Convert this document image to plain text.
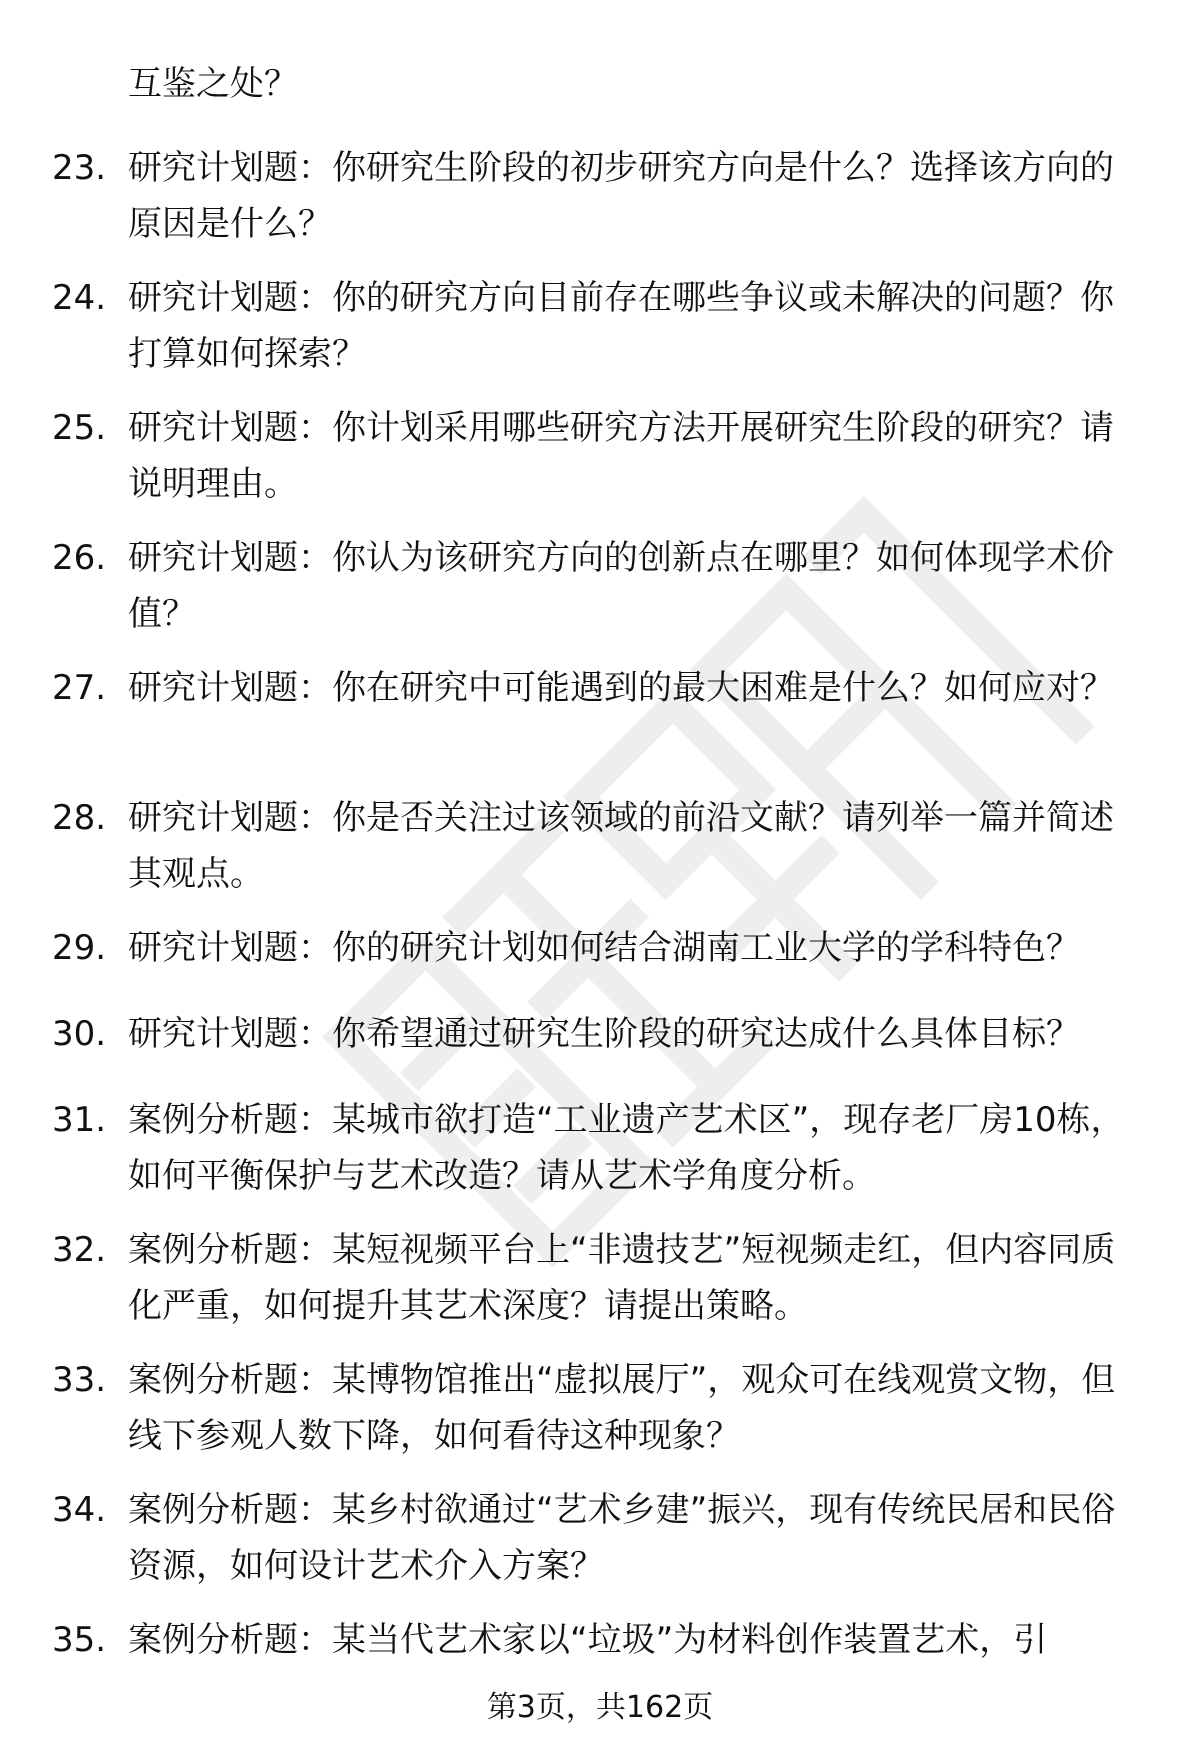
互鉴之处？

23. 研究计划题：你研究生阶段的初步研究方向是什么？选择该方向的原因是什么？
24. 研究计划题：你的研究方向目前存在哪些争议或未解决的问题？你打算如何探索？
25. 研究计划题：你计划采用哪些研究方法开展研究生阶段的研究？请说明理由。
26. 研究计划题：你认为该研究方向的创新点在哪里？如何体现学术价值？
27. 研究计划题：你在研究中可能遇到的最大困难是什么？如何应对？
28. 研究计划题：你是否关注过该领域的前沿文献？请列举一篇并简述其观点。
29. 研究计划题：你的研究计划如何结合湖南工业大学的学科特色？
30. 研究计划题：你希望通过研究生阶段的研究达成什么具体目标？
31. 案例分析题：某城市欲打造“工业遗产艺术区”，现存老厂房10栋，如何平衡保护与艺术改造？请从艺术学角度分析。
32. 案例分析题：某短视频平台上“非遗技艺”短视频走红，但内容同质化严重，如何提升其艺术深度？请提出策略。
33. 案例分析题：某博物馆推出“虚拟展厅”，观众可在线观赏文物，但线下参观人数下降，如何看待这种现象？
34. 案例分析题：某乡村欲通过“艺术乡建”振兴，现有传统民居和民俗资源，如何设计艺术介入方案？
35. 案例分析题：某当代艺术家以“垃圾”为材料创作装置艺术，引
第3页，共162页
